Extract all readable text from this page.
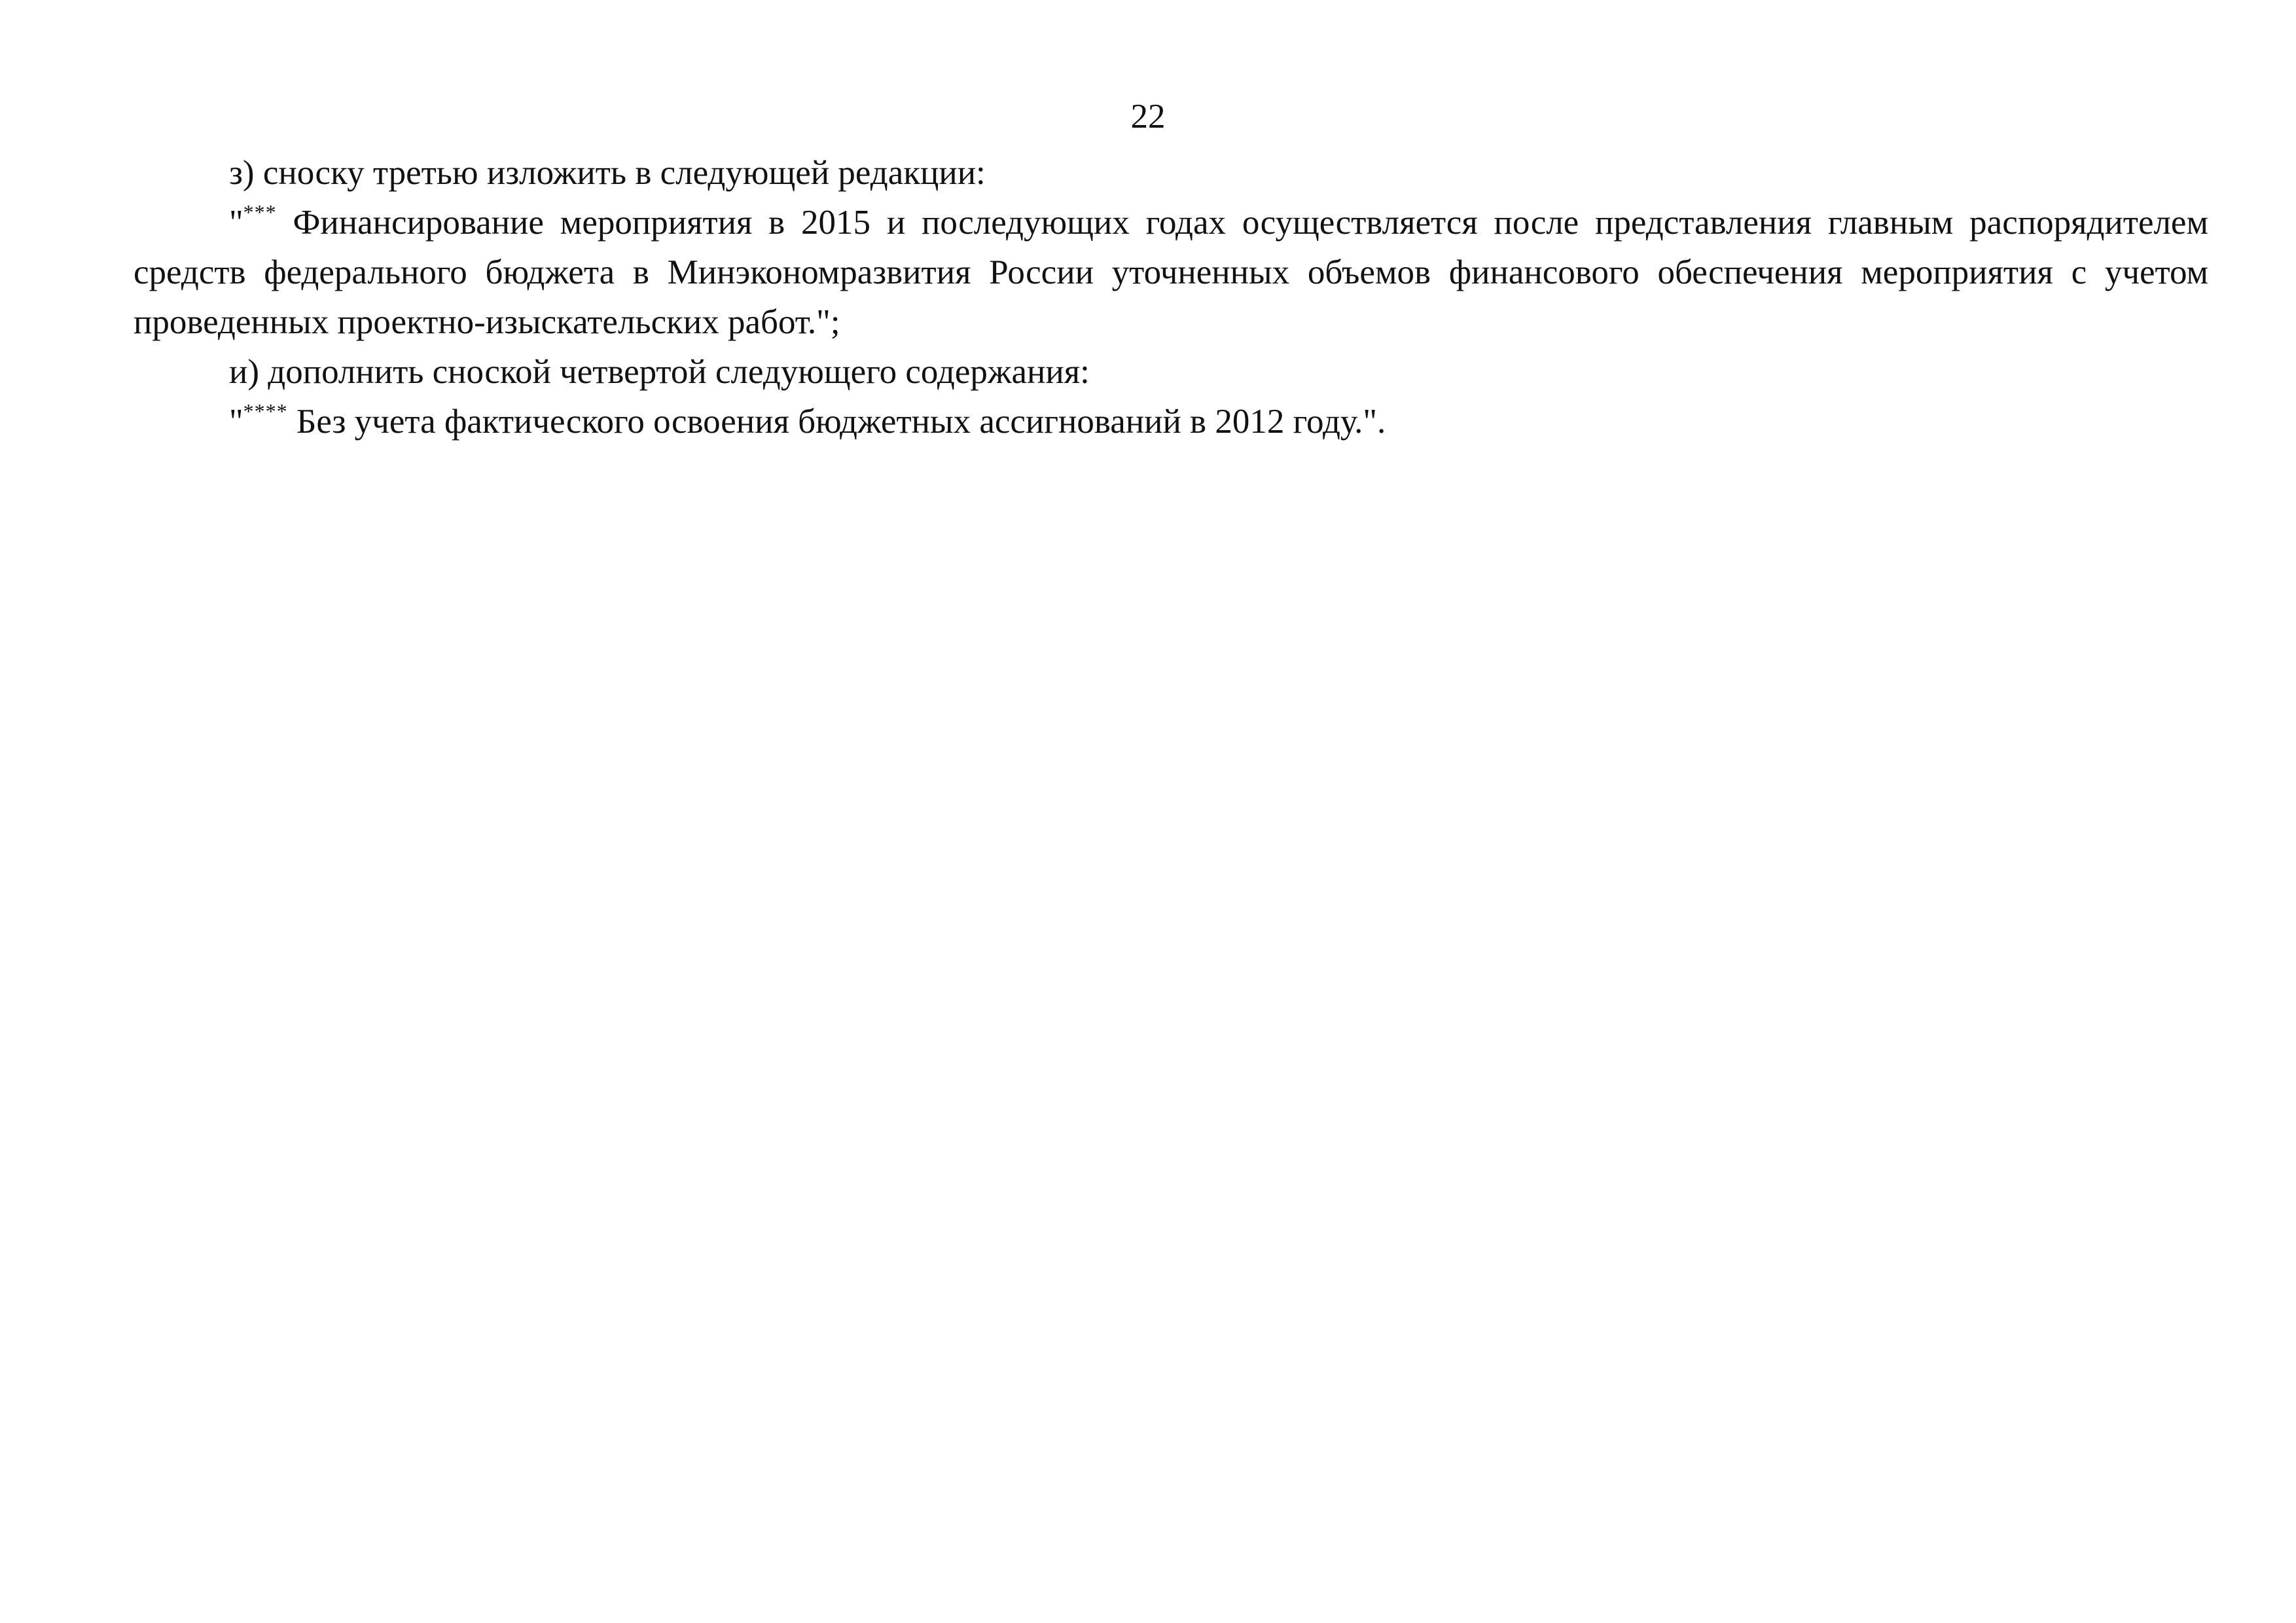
22

з) сноску третью изложить в следующей редакции:

"*** Финансирование мероприятия в 2015 и последующих годах осуществляется после представления главным распорядителем средств федерального бюджета в Минэкономразвития России уточненных объемов финансового обеспечения мероприятия с учетом проведенных проектно-изыскательских работ.";

и) дополнить сноской четвертой следующего содержания:

"**** Без учета фактического освоения бюджетных ассигнований в 2012 году.".
